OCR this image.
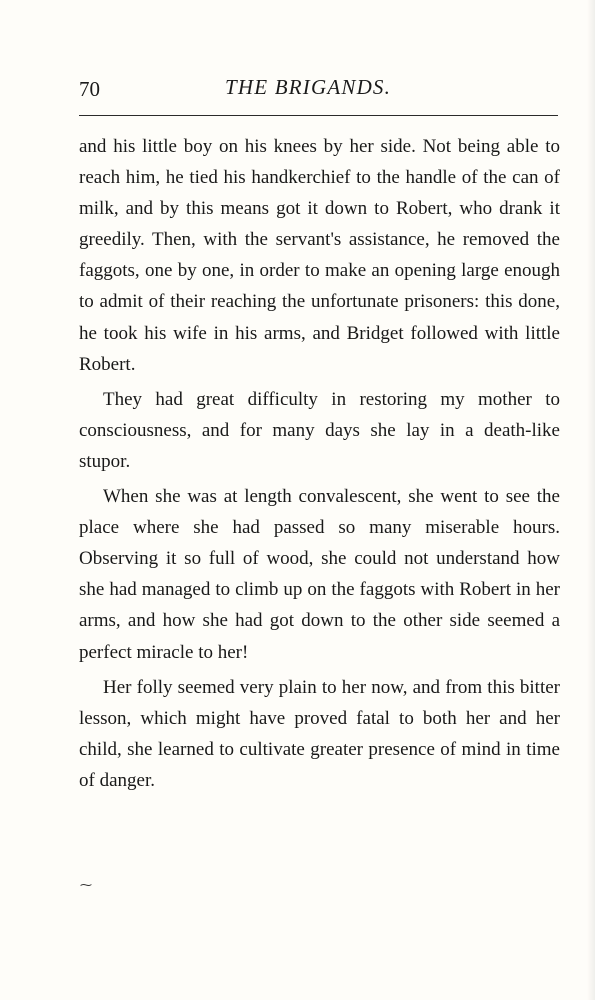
70	THE BRIGANDS.

and his little boy on his knees by her side. Not being able to reach him, he tied his handkerchief to the handle of the can of milk, and by this means got it down to Robert, who drank it greedily. Then, with the servant's assistance, he removed the faggots, one by one, in order to make an opening large enough to admit of their reaching the unfortunate prisoners: this done, he took his wife in his arms, and Bridget followed with little Robert.

They had great difficulty in restoring my mother to consciousness, and for many days she lay in a death-like stupor.

When she was at length convalescent, she went to see the place where she had passed so many miserable hours. Observing it so full of wood, she could not understand how she had managed to climb up on the faggots with Robert in her arms, and how she had got down to the other side seemed a perfect miracle to her!

Her folly seemed very plain to her now, and from this bitter lesson, which might have proved fatal to both her and her child, she learned to cultivate greater presence of mind in time of danger.

⁓
